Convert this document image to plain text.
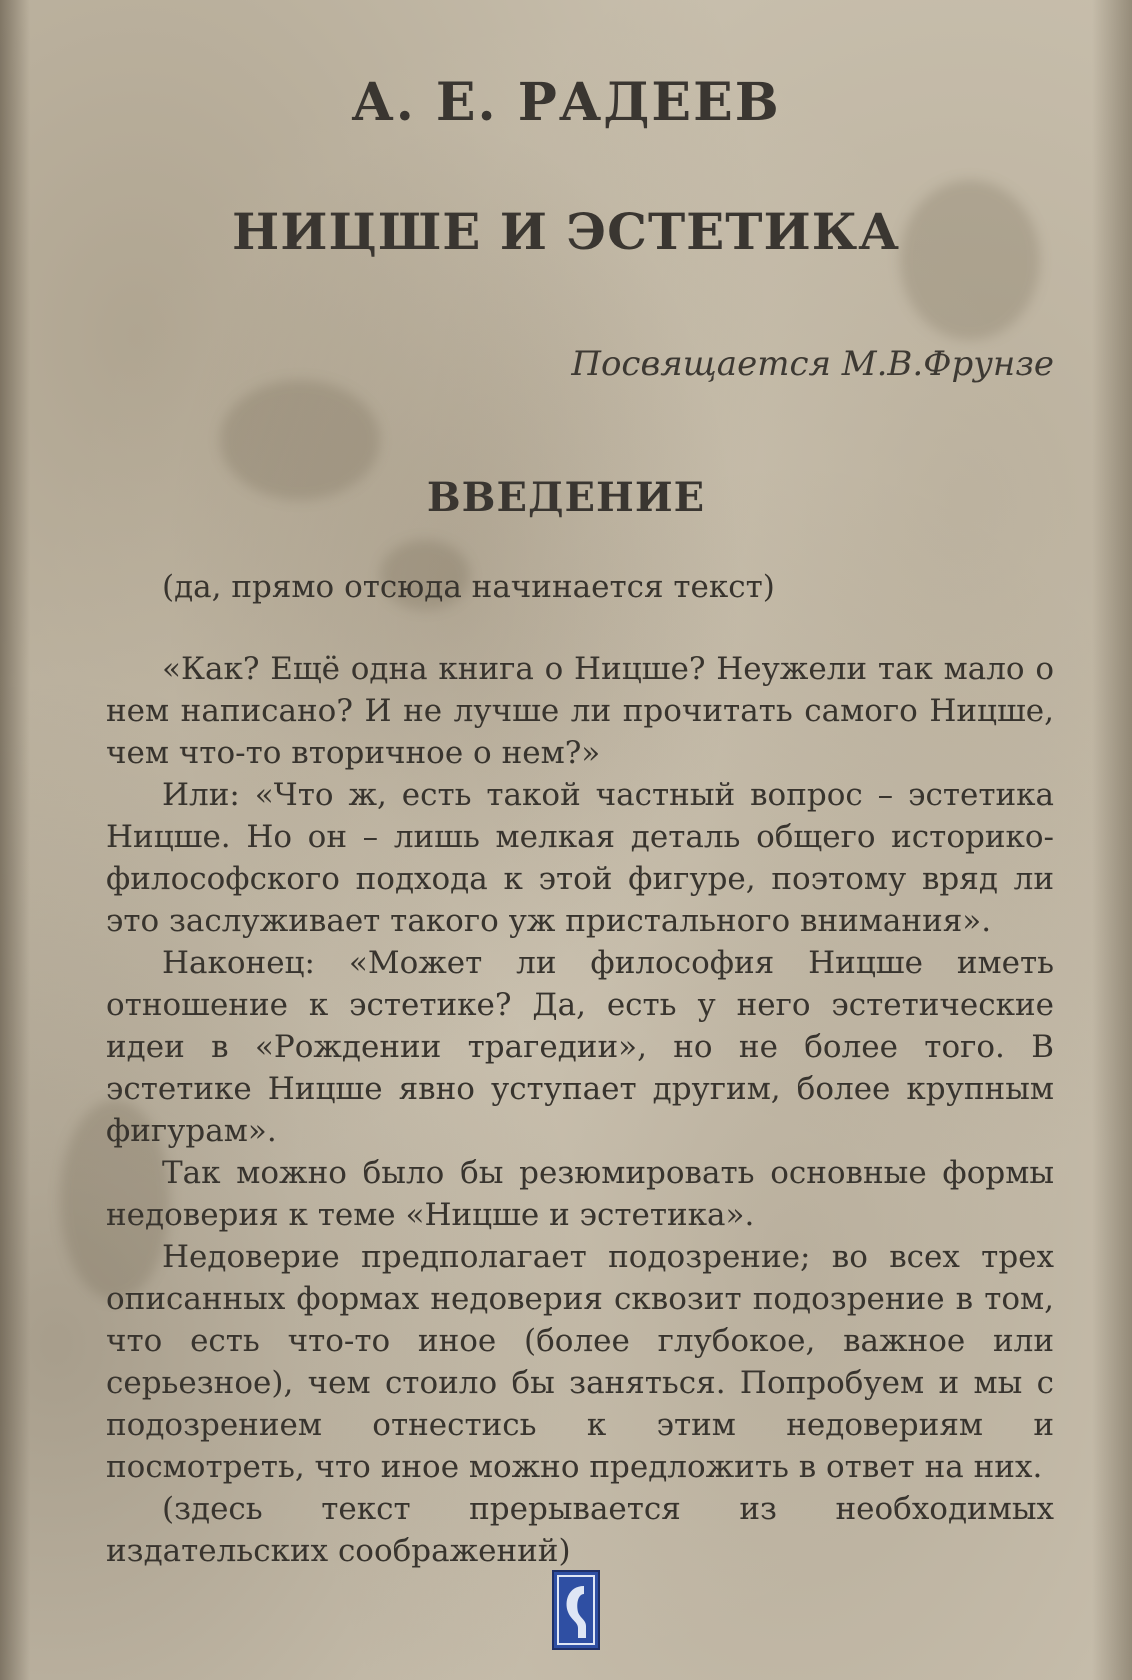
А. Е. РАДЕЕВ
НИЦШЕ И ЭСТЕТИКА
Посвящается М.В.Фрунзе
ВВЕДЕНИЕ
(да, прямо отсюда начинается текст)

«Как? Ещё одна книга о Ницше? Неужели так мало о нем написано? И не лучше ли прочитать самого Ницше, чем что-то вторичное о нем?»

Или: «Что ж, есть такой частный вопрос – эстетика Ницше. Но он – лишь мелкая деталь общего историко-философского подхода к этой фигуре, поэтому вряд ли это заслуживает такого уж пристального внимания».

Наконец: «Может ли философия Ницше иметь отношение к эстетике? Да, есть у него эстетические идеи в «Рождении трагедии», но не более того. В эстетике Ницше явно уступает другим, более крупным фигурам».

Так можно было бы резюмировать основные формы недоверия к теме «Ницше и эстетика».

Недоверие предполагает подозрение; во всех трех описанных формах недоверия сквозит подозрение в том, что есть что-то иное (более глубокое, важное или серьезное), чем стоило бы заняться. Попробуем и мы с подозрением отнестись к этим недовериям и посмотреть, что иное можно предложить в ответ на них.

(здесь текст прерывается из необходимых издательских соображений)
